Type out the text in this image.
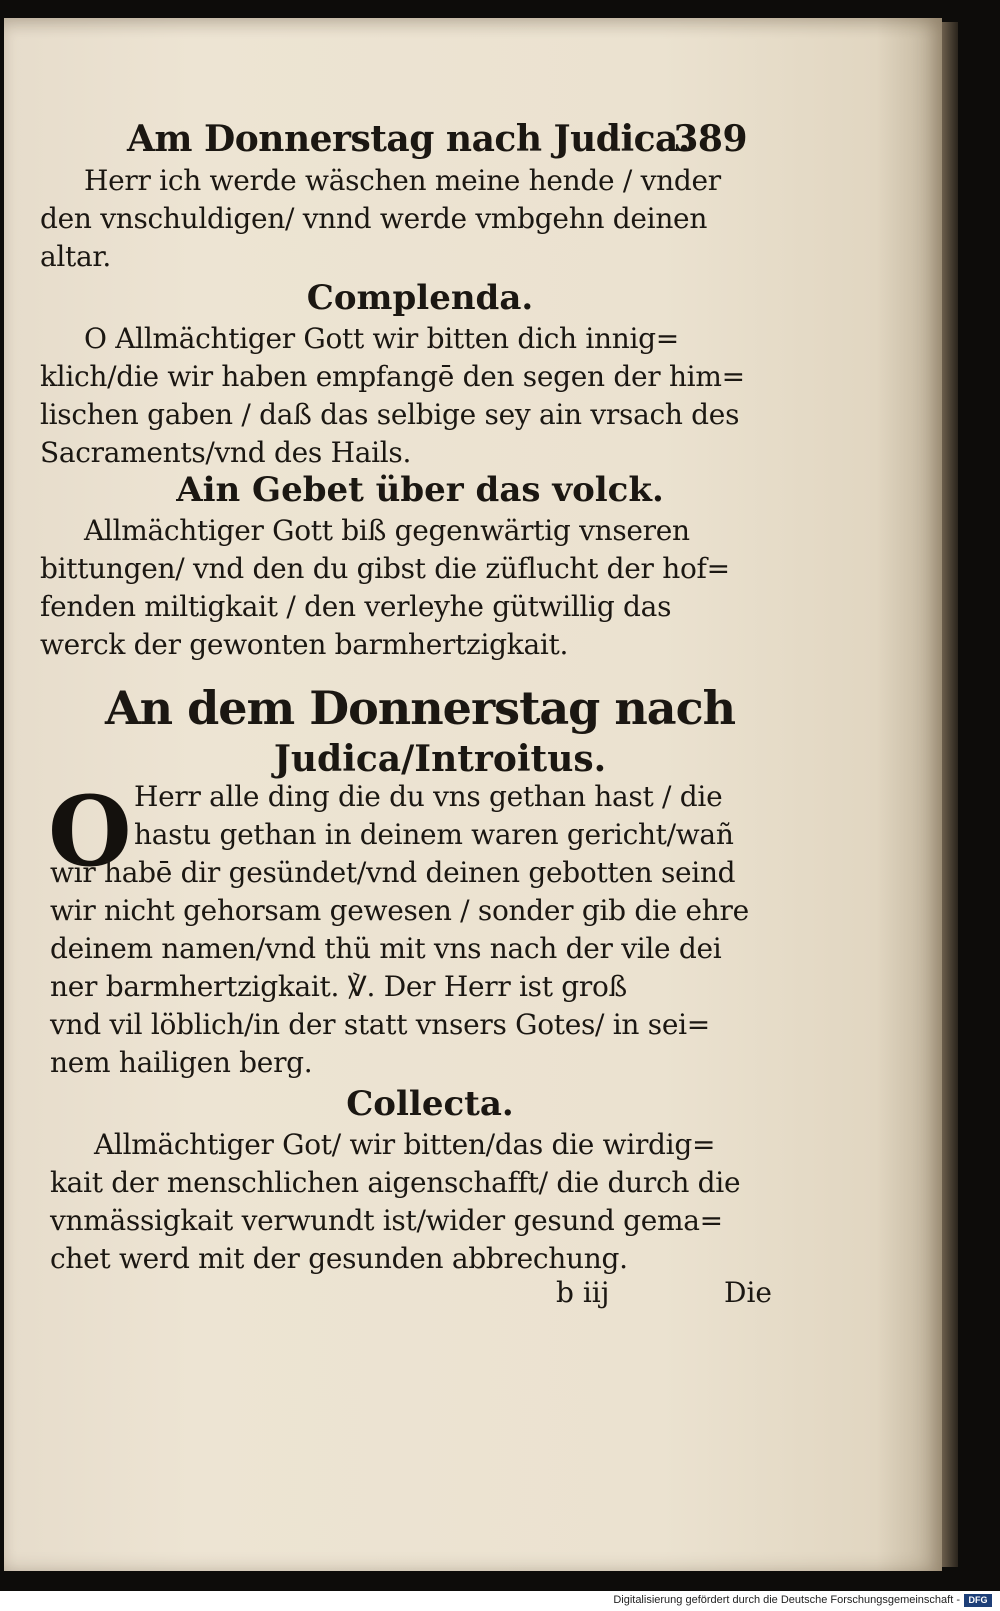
Am Donnerstag nach Judica.
389
Herr ich werde wäschen meine hende / vnder
den vnschuldigen/ vnnd werde vmbgehn deinen
altar.
Complenda.
O Allmächtiger Gott wir bitten dich innig=
klich/die wir haben empfangē den segen der him=
lischen gaben / daß das selbige sey ain vrsach des
Sacraments/vnd des Hails.
Ain Gebet über das volck.
Allmächtiger Gott biß gegenwärtig vnseren
bittungen/ vnd den du gibst die züflucht der hof=
fenden miltigkait / den verleyhe gütwillig das
werck der gewonten barmhertzigkait.
An dem Donnerstag nach
Judica/Introitus.
O Herr alle ding die du vns gethan hast / die
hastu gethan in deinem waren gericht/wañ
wir habē dir gesündet/vnd deinen gebotten seind
wir nicht gehorsam gewesen / sonder gib die ehre
deinem namen/vnd thü mit vns nach der vile dei
ner barmhertzigkait. ℣. Der Herr ist groß
vnd vil löblich/in der statt vnsers Gotes/ in sei=
nem hailigen berg.
Collecta.
Allmächtiger Got/ wir bitten/das die wirdig=
kait der menschlichen aigenschafft/ die durch die
vnmässigkait verwundt ist/wider gesund gema=
chet werd mit der gesunden abbrechung.
b iij	Die
Digitalisierung gefördert durch die Deutsche Forschungsgemeinschaft - DFG
